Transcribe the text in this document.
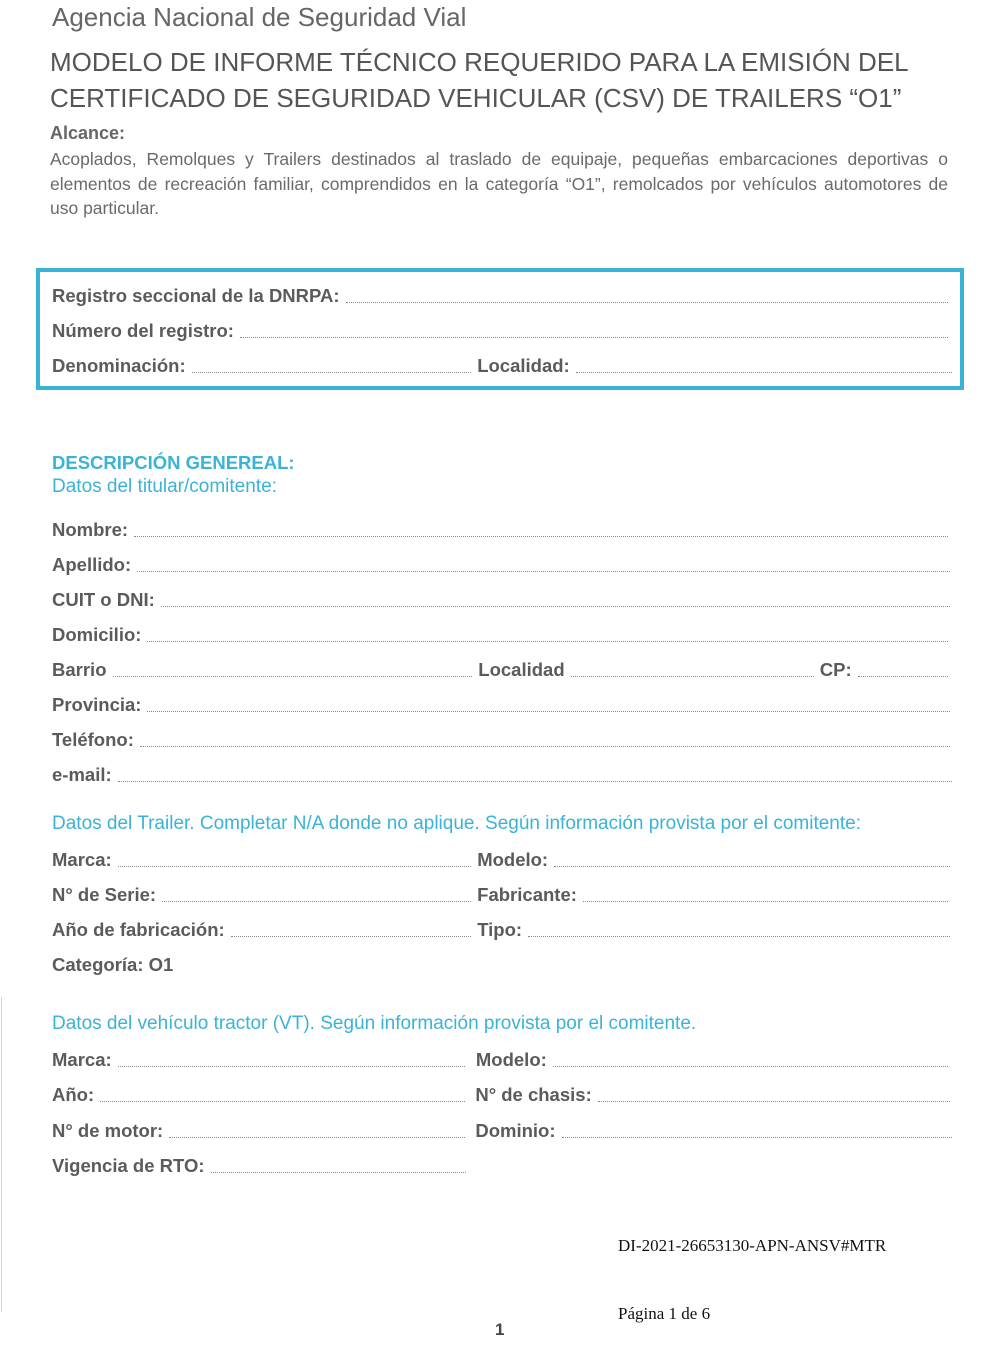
Agencia Nacional de Seguridad Vial
MODELO DE INFORME TÉCNICO REQUERIDO PARA LA EMISIÓN DEL
CERTIFICADO DE SEGURIDAD VEHICULAR (CSV) DE TRAILERS “O1”
Alcance:
Acoplados, Remolques y Trailers destinados al traslado de equipaje, pequeñas embarcaciones deportivas o elementos de recreación familiar, comprendidos en la categoría “O1”, remolcados por vehículos automotores de uso particular.
Registro seccional de la DNRPA:
Número del registro:
Denominación:	Localidad:
DESCRIPCIÓN GENEREAL:
Datos del titular/comitente:
Nombre:
Apellido:
CUIT o DNI:
Domicilio:
Barrio	Localidad	CP:
Provincia:
Teléfono:
e-mail:
Datos del Trailer. Completar N/A donde no aplique. Según información provista por el comitente:
Marca:	Modelo:
N° de Serie:	Fabricante:
Año de fabricación:	Tipo:
Categoría: O1
Datos del vehículo tractor (VT). Según información provista por el comitente.
Marca:	Modelo:
Año:	N° de chasis:
N° de motor:	Dominio:
Vigencia de RTO:
DI-2021-26653130-APN-ANSV#MTR
Página 1 de 6
1
